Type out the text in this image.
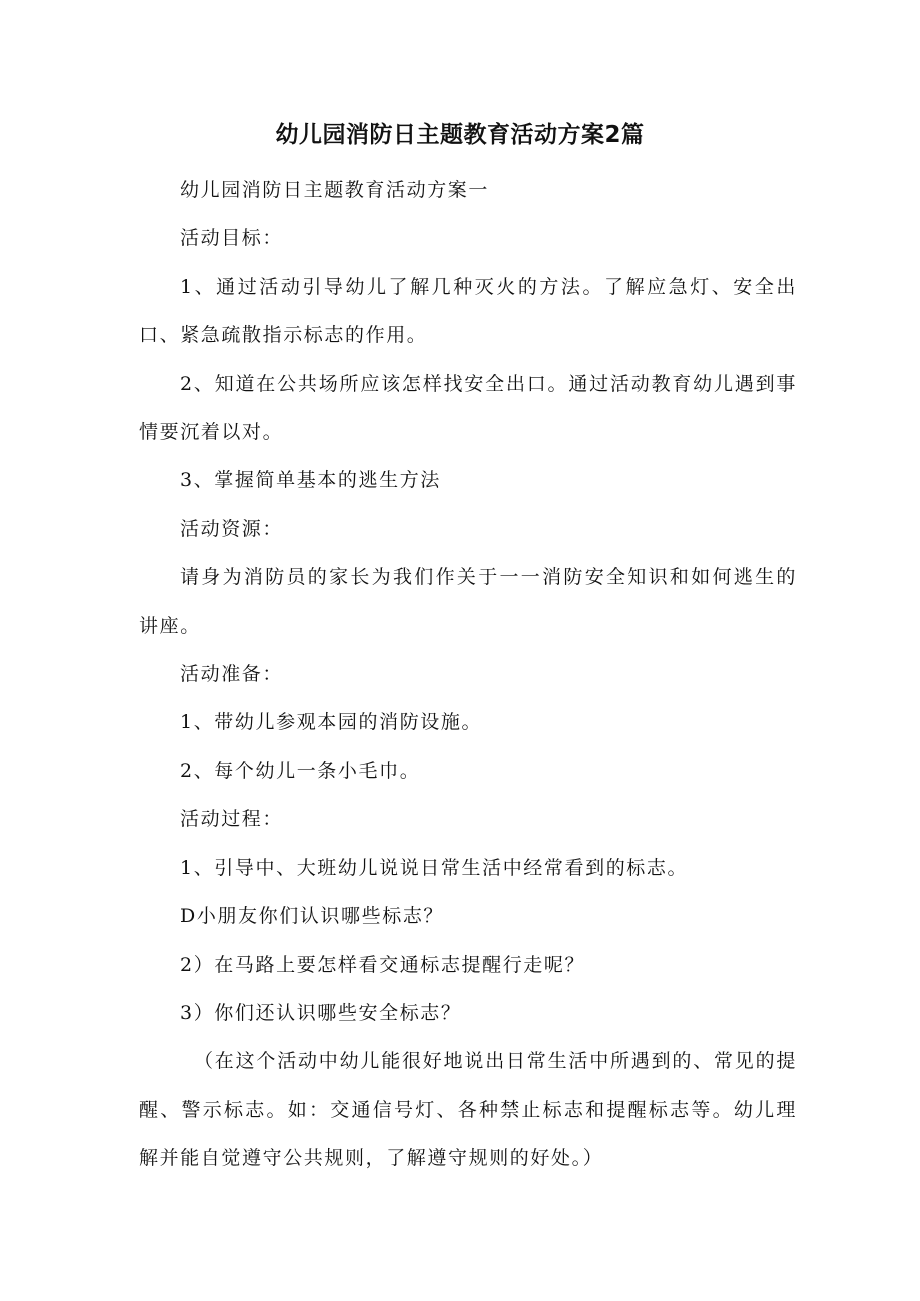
幼儿园消防日主题教育活动方案2篇

幼儿园消防日主题教育活动方案一

活动目标：

1、通过活动引导幼儿了解几种灭火的方法。了解应急灯、安全出口、紧急疏散指示标志的作用。

2、知道在公共场所应该怎样找安全出口。通过活动教育幼儿遇到事情要沉着以对。

3、掌握简单基本的逃生方法

活动资源：

请身为消防员的家长为我们作关于一一消防安全知识和如何逃生的讲座。

活动准备：

1、带幼儿参观本园的消防设施。

2、每个幼儿一条小毛巾。

活动过程：

1、引导中、大班幼儿说说日常生活中经常看到的标志。

D小朋友你们认识哪些标志？

2）在马路上要怎样看交通标志提醒行走呢？

3）你们还认识哪些安全标志？

（在这个活动中幼儿能很好地说出日常生活中所遇到的、常见的提醒、警示标志。如：交通信号灯、各种禁止标志和提醒标志等。幼儿理解并能自觉遵守公共规则，了解遵守规则的好处。）
